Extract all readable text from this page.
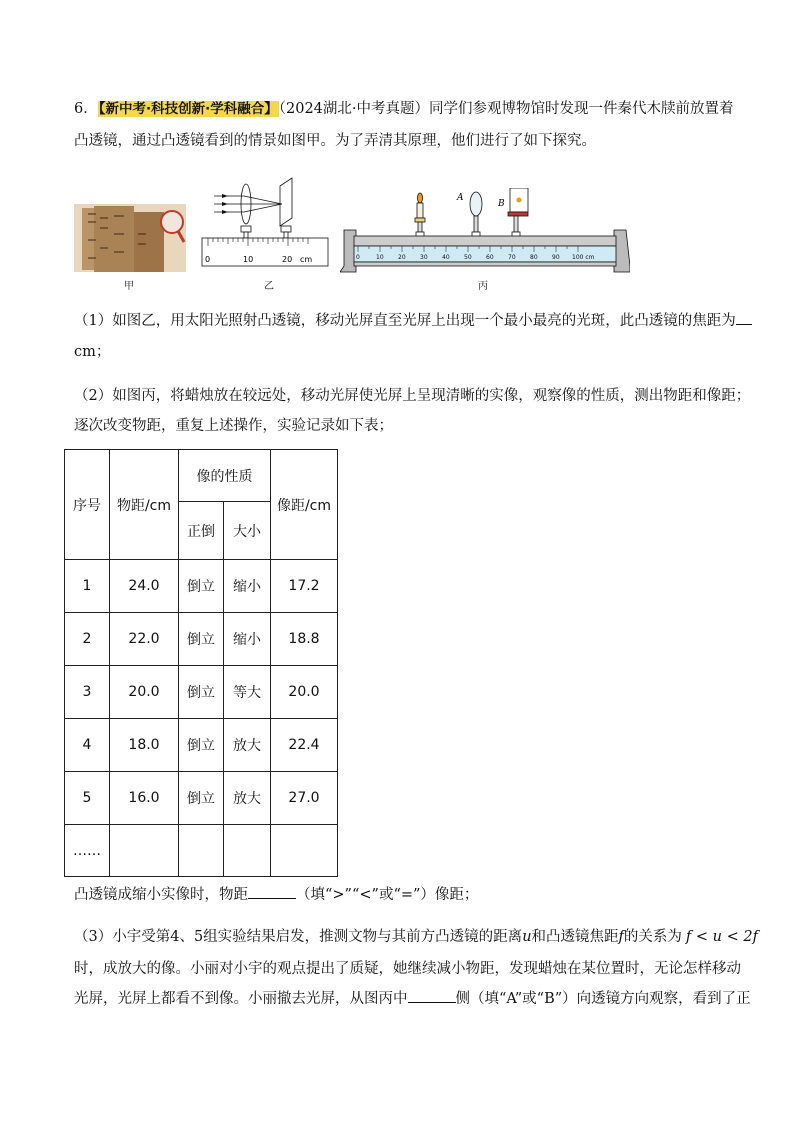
6．【新中考·科技创新·学科融合】（2024湖北·中考真题）同学们参观博物馆时发现一件秦代木牍前放置着
凸透镜，通过凸透镜看到的情景如图甲。为了弄清其原理，他们进行了如下探究。
甲
0	10	20 cm
乙
A
B
0	10 20 30 40 50 60 70 80 90 100 cm
丙
（1）如图乙，用太阳光照射凸透镜，移动光屏直至光屏上出现一个最小最亮的光斑，此凸透镜的焦距为
cm；
（2）如图丙，将蜡烛放在较远处，移动光屏使光屏上呈现清晰的实像，观察像的性质，测出物距和像距；
逐次改变物距，重复上述操作，实验记录如下表；
序号	物距/cm	像的性质		像距/cm
		正倒	大小	
1	24.0	倒立	缩小	17.2
2	22.0	倒立	缩小	18.8
3	20.0	倒立	等大	20.0
4	18.0	倒立	放大	22.4
5	16.0	倒立	放大	27.0
……				
凸透镜成缩小实像时，物距	（填“>”“<”或“=”）像距；
（3）小宇受第4、5组实验结果启发，推测文物与其前方凸透镜的距离u和凸透镜焦距f的关系为 f < u < 2f
时，成放大的像。小丽对小宇的观点提出了质疑，她继续减小物距，发现蜡烛在某位置时，无论怎样移动
光屏，光屏上都看不到像。小丽撤去光屏，从图丙中	侧（填“A”或“B”）向透镜方向观察，看到了正
